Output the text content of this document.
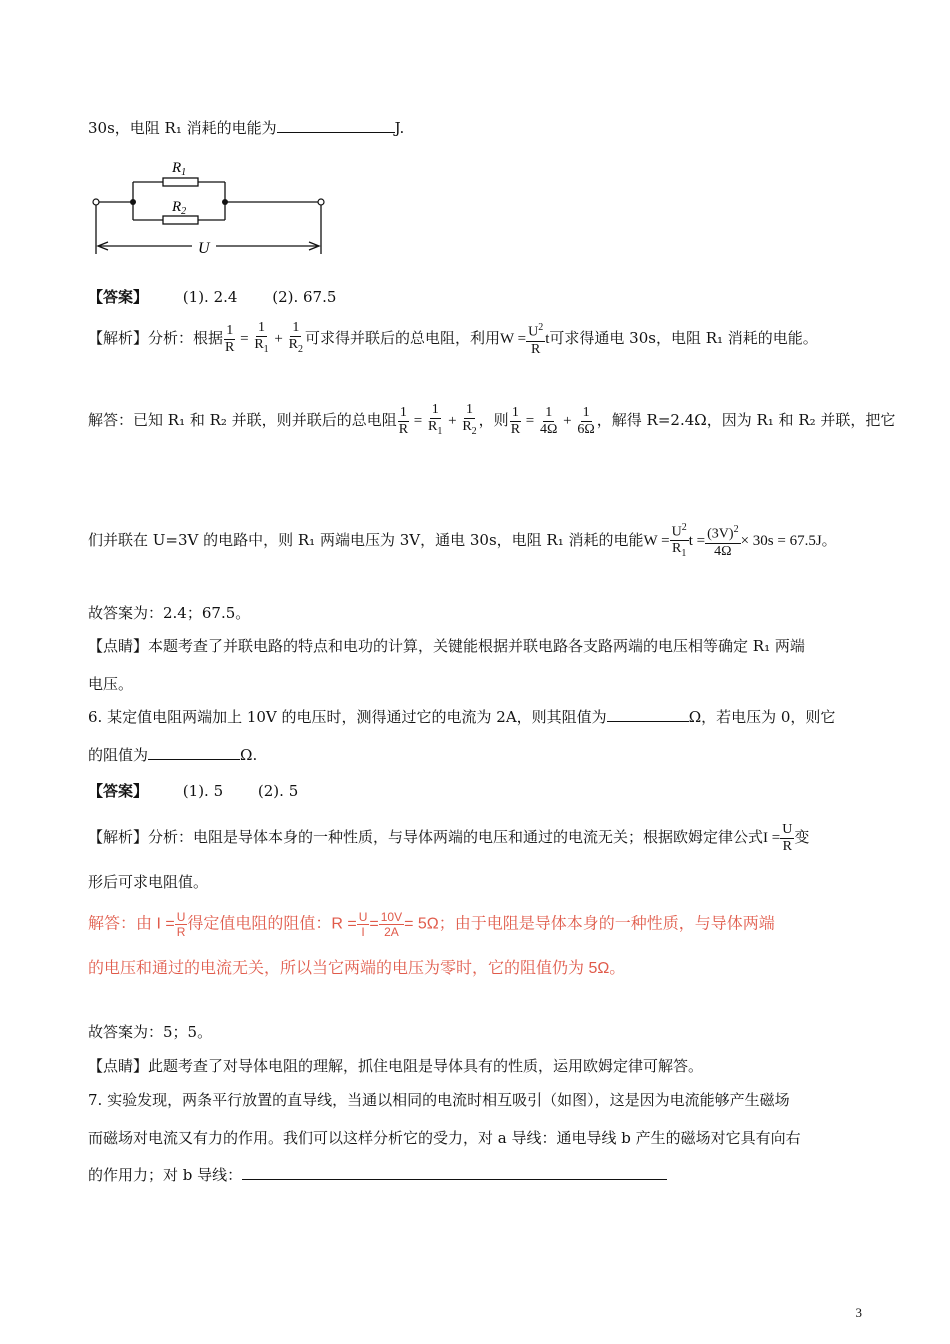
30s，电阻 R₁ 消耗的电能为	J.
$R_1$
$R_2$
U
【答案】 (1). 2.4 (2). 67.5
【解析】分析：根据 $\frac{1}{R} = \frac{1}{R_1} + \frac{1}{R_2}$ 可求得并联后的总电阻，利用$W = \frac{U^2}{R}$ t可求得通电 30s，电阻 R₁ 消耗的电能。
解答：已知 R₁ 和 R₂ 并联，则并联后的总电阻 $\frac{1}{R} = \frac{1}{R_1} + \frac{1}{R_2}$ ，则 $\frac{1}{R} = \frac{1}{4\Omega} + \frac{1}{6\Omega}$ ，解得 R=2.4Ω，因为 R₁ 和 R₂ 并联，把它
们并联在 U=3V 的电路中，则 R₁ 两端电压为 3V，通电 30s，电阻 R₁ 消耗的电能$W = \frac{U^2}{R_1}$ $t = \frac{(3V)^2}{4\Omega} \times 30s = 67.5J$。
故答案为：2.4；67.5。
【点睛】本题考查了并联电路的特点和电功的计算，关键能根据并联电路各支路两端的电压相等确定 R₁ 两端
电压。
6. 某定值电阻两端加上 10V 的电压时，测得通过它的电流为 2A，则其阻值为	Ω，若电压为 0，则它
的阻值为	Ω.
【答案】 (1). 5 (2). 5
【解析】分析：电阻是导体本身的一种性质，与导体两端的电压和通过的电流无关；根据欧姆定律公式$I = \frac{U}{R}$ 变
形后可求电阻值。
解答：由 $I = \frac{U}{R}$ 得定值电阻的阻值：$R = \frac{U}{I} = \frac{10V}{2A} = 5\Omega$；由于电阻是导体本身的一种性质，与导体两端
的电压和通过的电流无关，所以当它两端的电压为零时，它的阻值仍为 5Ω。
故答案为：5；5。
【点睛】此题考查了对导体电阻的理解，抓住电阻是导体具有的性质，运用欧姆定律可解答。
7. 实验发现，两条平行放置的直导线，当通以相同的电流时相互吸引（如图），这是因为电流能够产生磁场
而磁场对电流又有力的作用。我们可以这样分析它的受力，对 a 导线：通电导线 b 产生的磁场对它具有向右
的作用力；对 b 导线：
3
